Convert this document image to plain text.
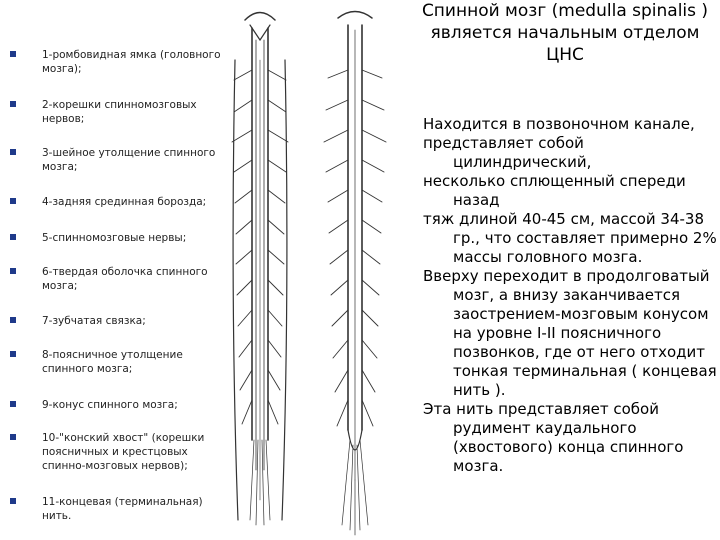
1-ромбовидная ямка (головного мозга);
2-корешки спинномозговых нервов;
3-шейное утолщение спинного мозга;
4-задняя срединная борозда;
5-спинномозговые нервы;
6-твердая оболочка спинного мозга;
7-зубчатая связка;
8-поясничное утолщение спинного мозга;
9-конус спинного мозга;
10-"конский хвост" (корешки поясничных и крестцовых спинно-мозговых нервов);
11-концевая (терминальная) нить.
Спинной мозг (medulla spinalis ) является начальным отделом ЦНС

Находится в позвоночном канале,

представляет собой цилиндрический,

несколько сплющенный спереди назад

тяж длиной 40-45 см, массой 34-38 гр., что составляет примерно 2% массы головного мозга.

Вверху переходит в продолговатый мозг, а внизу заканчивается заострением-мозговым конусом на уровне I-II поясничного позвонков, где от него отходит тонкая терминальная ( концевая нить ).

Эта нить представляет собой рудимент каудального (хвостового) конца спинного мозга.
